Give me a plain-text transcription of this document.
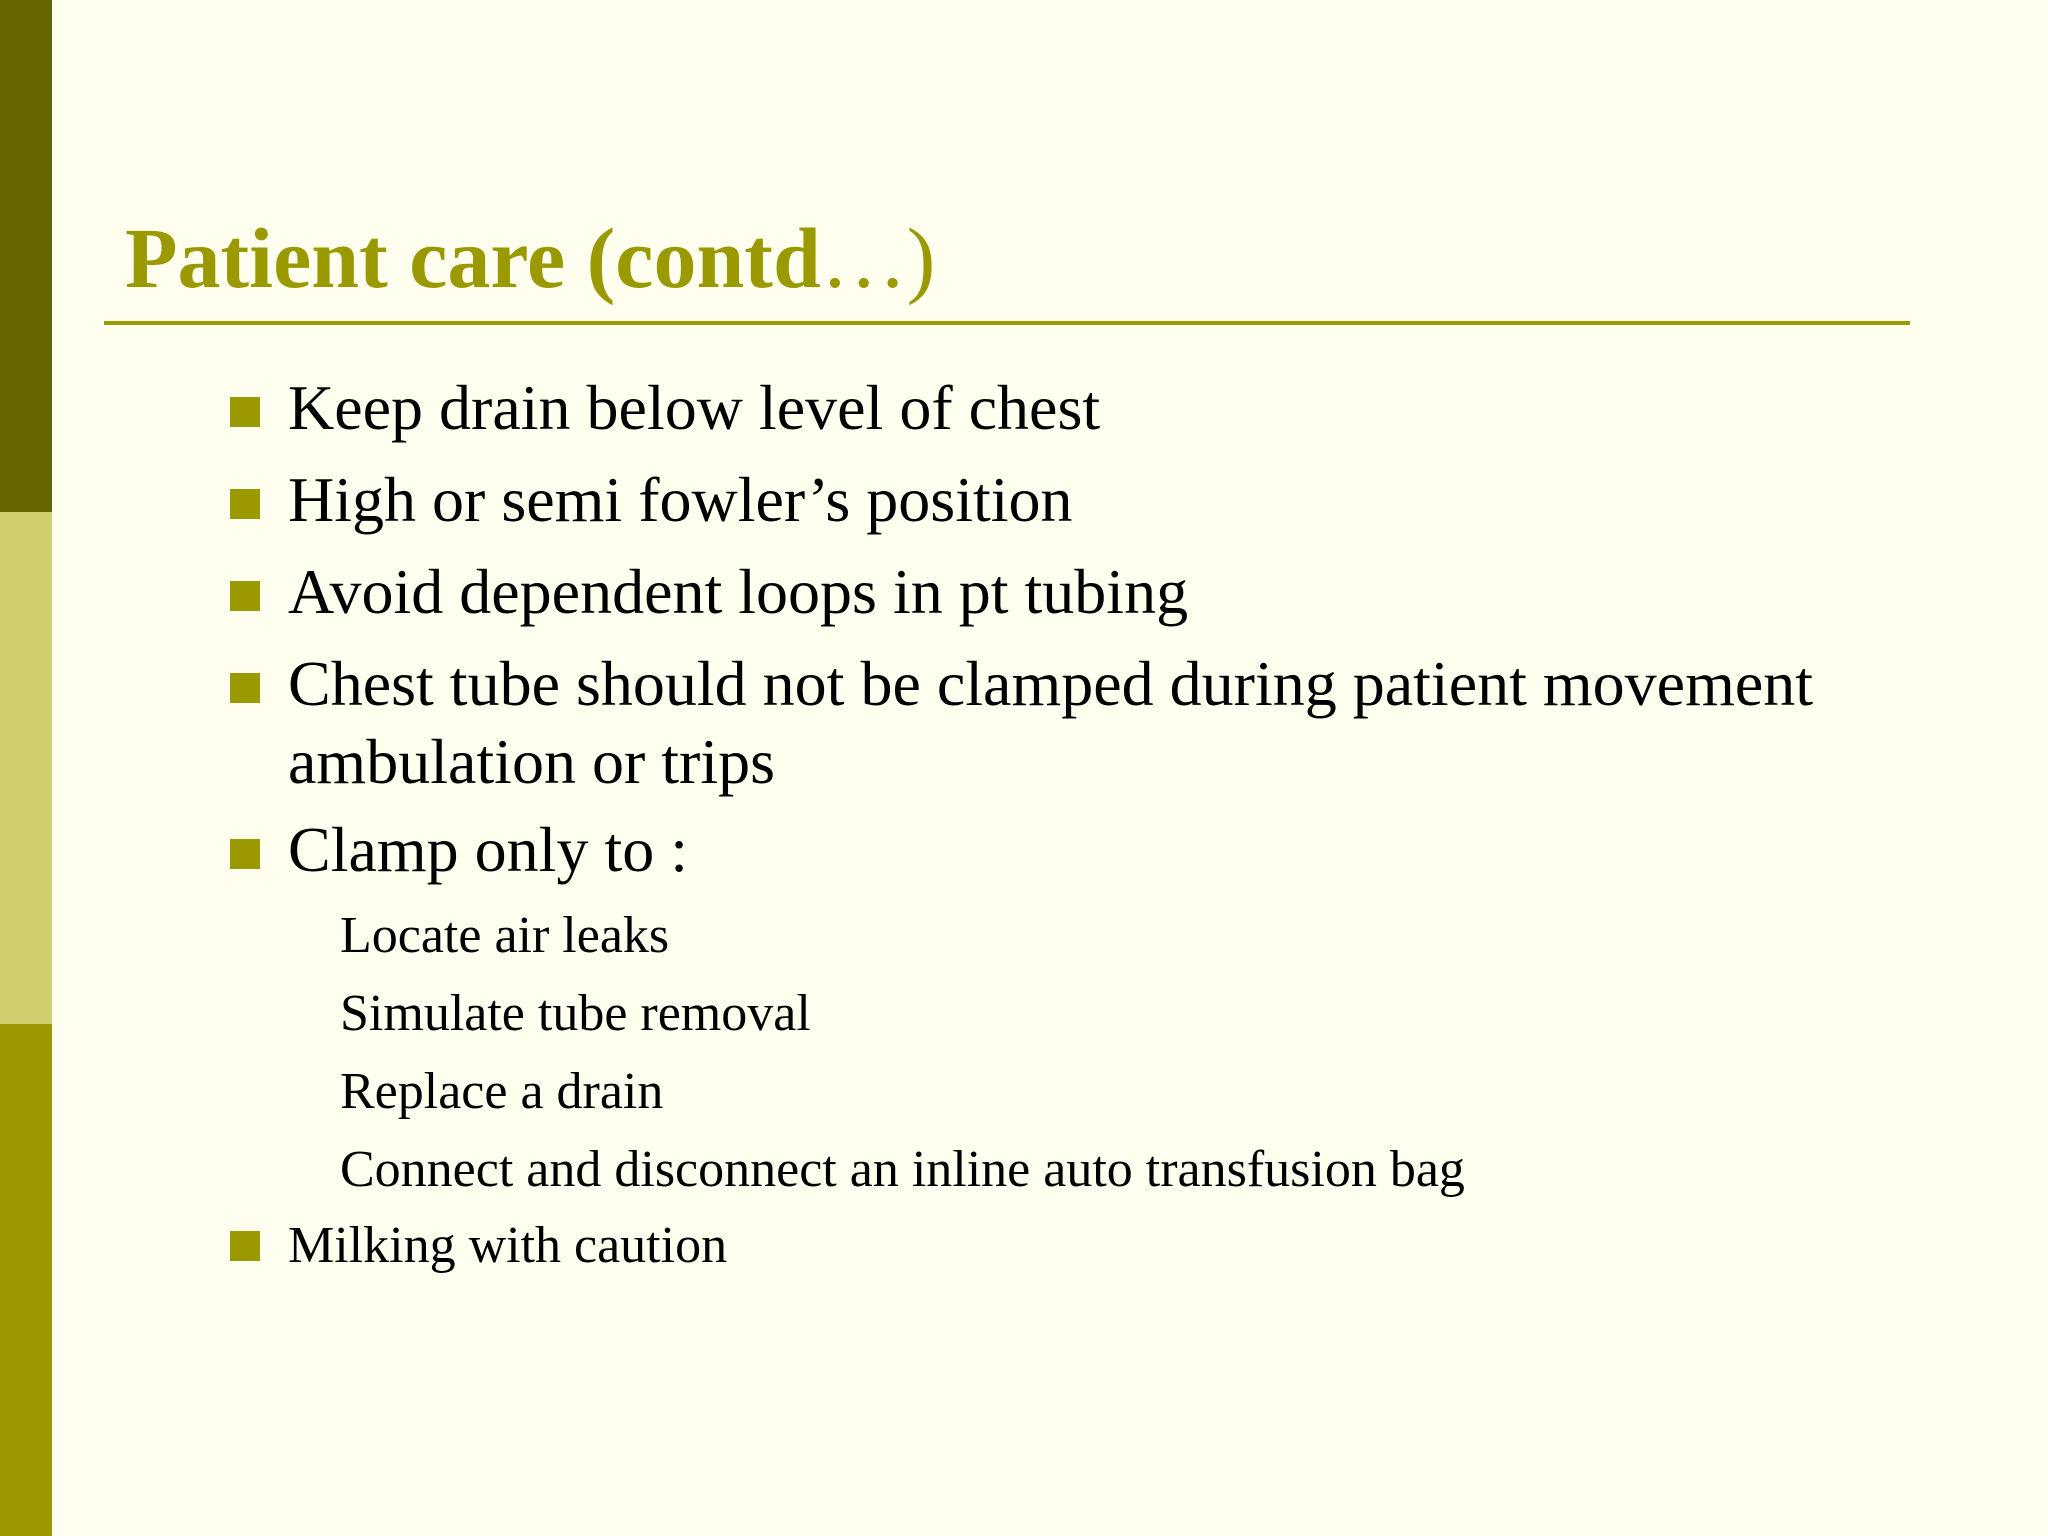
Patient care (contd…)
Keep drain below level of chest
High or semi fowler’s position
Avoid dependent loops in pt tubing
Chest tube should not be clamped during patient movement
ambulation or trips
Clamp only to :
Locate air leaks
Simulate tube removal
Replace a drain
Connect and disconnect an inline auto transfusion bag
Milking with caution
